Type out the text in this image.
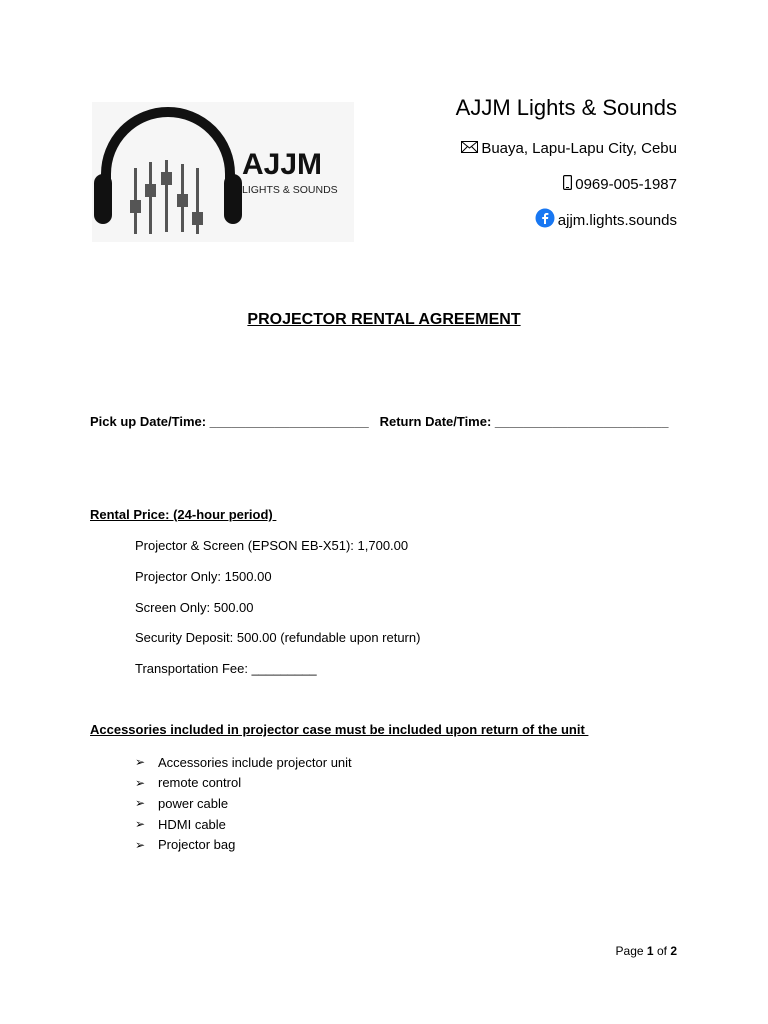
AJJM
LIGHTS & SOUNDS
AJJM Lights & Sounds
Buaya, Lapu-Lapu City, Cebu
0969-005-1987
ajjm.lights.sounds
PROJECTOR RENTAL AGREEMENT
Pick up Date/Time: ______________________   Return Date/Time: ________________________
Rental Price: (24-hour period)
Projector & Screen (EPSON EB-X51): 1,700.00
Projector Only: 1500.00
Screen Only: 500.00
Security Deposit: 500.00 (refundable upon return)
Transportation Fee: _________
Accessories included in projector case must be included upon return of the unit
➢ Accessories include projector unit
➢ remote control
➢ power cable
➢ HDMI cable
➢ Projector bag
Page 1 of 2
